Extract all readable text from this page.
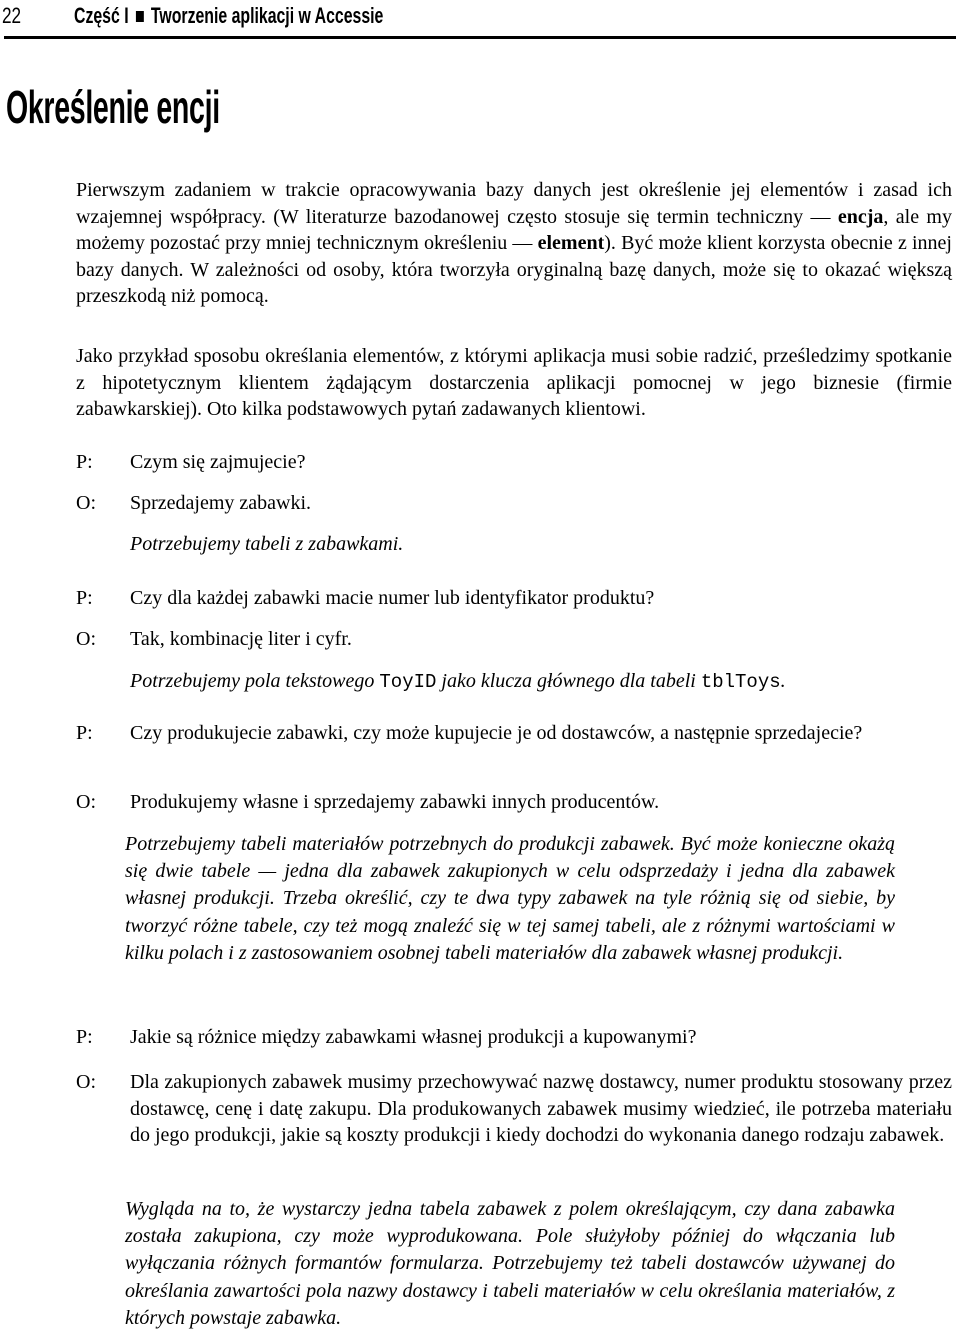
22 Część I Tworzenie aplikacji w Accessie
Określenie encji

Pierwszym zadaniem w trakcie opracowywania bazy danych jest określenie jej elementów i zasad ich wzajemnej współpracy. (W literaturze bazodanowej często stosuje się termin techniczny — encja, ale my możemy pozostać przy mniej technicznym określeniu — element). Być może klient korzysta obecnie z innej bazy danych. W zależności od osoby, która tworzyła oryginalną bazę danych, może się to okazać większą przeszkodą niż pomocą.

Jako przykład sposobu określania elementów, z którymi aplikacja musi sobie radzić, prześledzimy spotkanie z hipotetycznym klientem żądającym dostarczenia aplikacji pomocnej w jego biznesie (firmie zabawkarskiej). Oto kilka podstawowych pytań zadawanych klientowi.

P: Czym się zajmujecie?
O: Sprzedajemy zabawki.
Potrzebujemy tabeli z zabawkami.
P: Czy dla każdej zabawki macie numer lub identyfikator produktu?
O: Tak, kombinację liter i cyfr.
Potrzebujemy pola tekstowego ToyID jako klucza głównego dla tabeli tblToys.
P: Czy produkujecie zabawki, czy może kupujecie je od dostawców, a następnie sprzedajecie?
O: Produkujemy własne i sprzedajemy zabawki innych producentów.
Potrzebujemy tabeli materiałów potrzebnych do produkcji zabawek. Być może konieczne okażą się dwie tabele — jedna dla zabawek zakupionych w celu odsprzedaży i jedna dla zabawek własnej produkcji. Trzeba określić, czy te dwa typy zabawek na tyle różnią się od siebie, by tworzyć różne tabele, czy też mogą znaleźć się w tej samej tabeli, ale z różnymi wartościami w kilku polach i z zastosowaniem osobnej tabeli materiałów dla zabawek własnej produkcji.
P: Jakie są różnice między zabawkami własnej produkcji a kupowanymi?
O: Dla zakupionych zabawek musimy przechowywać nazwę dostawcy, numer produktu stosowany przez dostawcę, cenę i datę zakupu. Dla produkowanych zabawek musimy wiedzieć, ile potrzeba materiału do jego produkcji, jakie są koszty produkcji i kiedy dochodzi do wykonania danego rodzaju zabawek.
Wygląda na to, że wystarczy jedna tabela zabawek z polem określającym, czy dana zabawka została zakupiona, czy może wyprodukowana. Pole służyłoby później do włączania lub wyłączania różnych formantów formularza. Potrzebujemy też tabeli dostawców używanej do określania zawartości pola nazwy dostawcy i tabeli materiałów w celu określania materiałów, z których powstaje zabawka.
